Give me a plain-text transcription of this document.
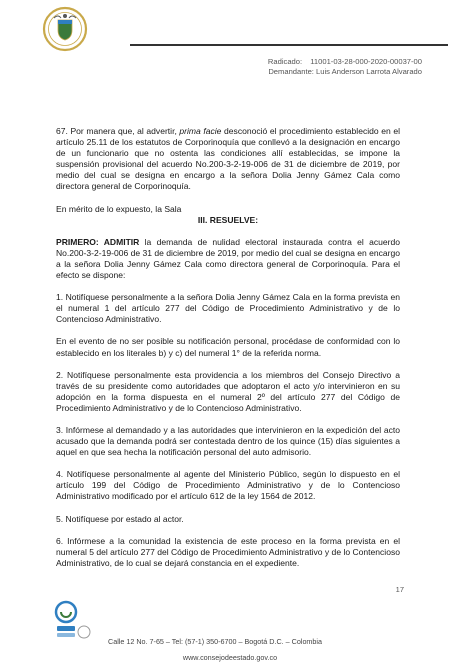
Radicado: 11001-03-28-000-2020-00037-00
Demandante: Luis Anderson Larrota Alvarado

67. Por manera que, al advertir, prima facie desconoció el procedimiento establecido en el artículo 25.11 de los estatutos de Corporinoquía que conllevó a la designación en encargo de un funcionario que no ostenta las condiciones allí establecidas, se impone la suspensión provisional del acuerdo No.200-3-2-19-006 de 31 de diciembre de 2019, por medio del cual se designa en encargo a la señora Dolia Jenny Gámez Cala como directora general de Corporinoquía.

En mérito de lo expuesto, la Sala

III. RESUELVE:

PRIMERO: ADMITIR la demanda de nulidad electoral instaurada contra el acuerdo No.200-3-2-19-006 de 31 de diciembre de 2019, por medio del cual se designa en encargo a la señora Dolia Jenny Gámez Cala como directora general de Corporinoquía. Para el efecto se dispone:

1. Notifíquese personalmente a la señora Dolia Jenny Gámez Cala en la forma prevista en el numeral 1 del artículo 277 del Código de Procedimiento Administrativo y de lo Contencioso Administrativo.

En el evento de no ser posible su notificación personal, procédase de conformidad con lo establecido en los literales b) y c) del numeral 1° de la referida norma.

2. Notifíquese personalmente esta providencia a los miembros del Consejo Directivo a través de su presidente como autoridades que adoptaron el acto y/o intervinieron en su adopción en la forma dispuesta en el numeral 2º del artículo 277 del Código de Procedimiento Administrativo y de lo Contencioso Administrativo.

3. Infórmese al demandado y a las autoridades que intervinieron en la expedición del acto acusado que la demanda podrá ser contestada dentro de los quince (15) días siguientes a aquel en que sea hecha la notificación personal del auto admisorio.

4. Notifíquese personalmente al agente del Ministerio Público, según lo dispuesto en el artículo 199 del Código de Procedimiento Administrativo y de lo Contencioso Administrativo modificado por el artículo 612 de la ley 1564 de 2012.

5. Notifíquese por estado al actor.

6. Infórmese a la comunidad la existencia de este proceso en la forma prevista en el numeral 5 del artículo 277 del Código de Procedimiento Administrativo y de lo Contencioso Administrativo, de lo cual se dejará constancia en el expediente.

17
Calle 12 No. 7-65 – Tel: (57-1) 350-6700 – Bogotá D.C. – Colombia
www.consejodeestado.gov.co
